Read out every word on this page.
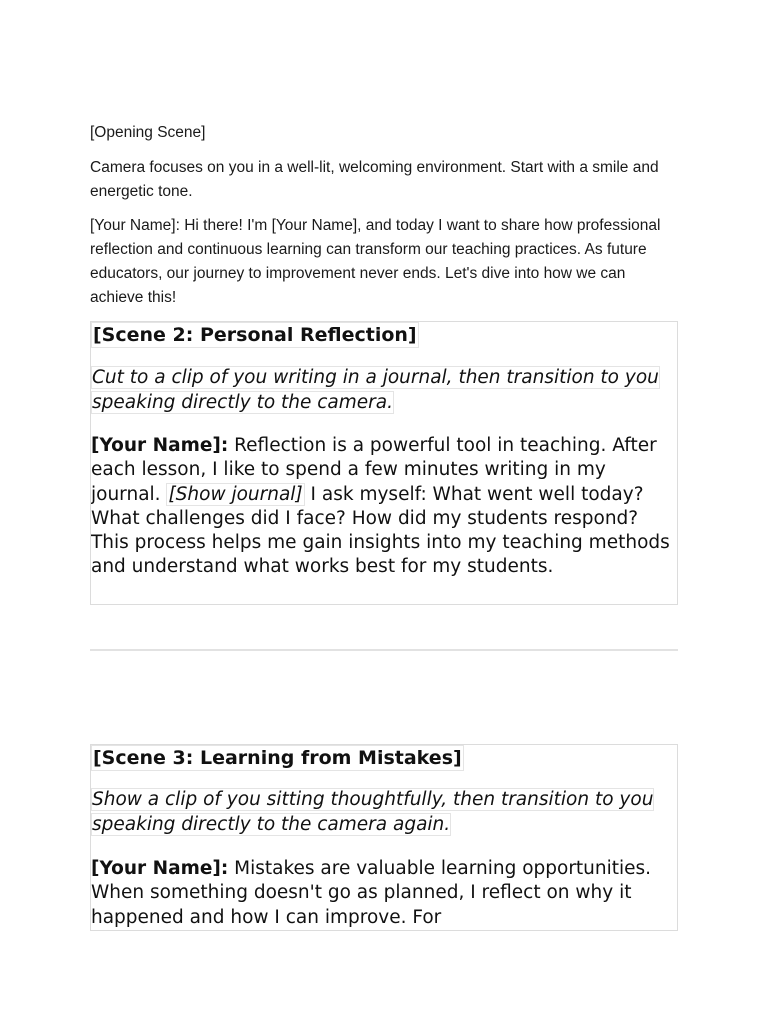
[Opening Scene]

Camera focuses on you in a well-lit, welcoming environment. Start with a smile and energetic tone.

[Your Name]: Hi there! I'm [Your Name], and today I want to share how professional reflection and continuous learning can transform our teaching practices. As future educators, our journey to improvement never ends. Let's dive into how we can achieve this!

[Scene 2: Personal Reflection]

Cut to a clip of you writing in a journal, then transition to you speaking directly to the camera.

[Your Name]: Reflection is a powerful tool in teaching. After each lesson, I like to spend a few minutes writing in my journal. [Show journal] I ask myself: What went well today? What challenges did I face? How did my students respond? This process helps me gain insights into my teaching methods and understand what works best for my students.

[Scene 3: Learning from Mistakes]

Show a clip of you sitting thoughtfully, then transition to you speaking directly to the camera again.

[Your Name]: Mistakes are valuable learning opportunities. When something doesn't go as planned, I reflect on why it happened and how I can improve. For
